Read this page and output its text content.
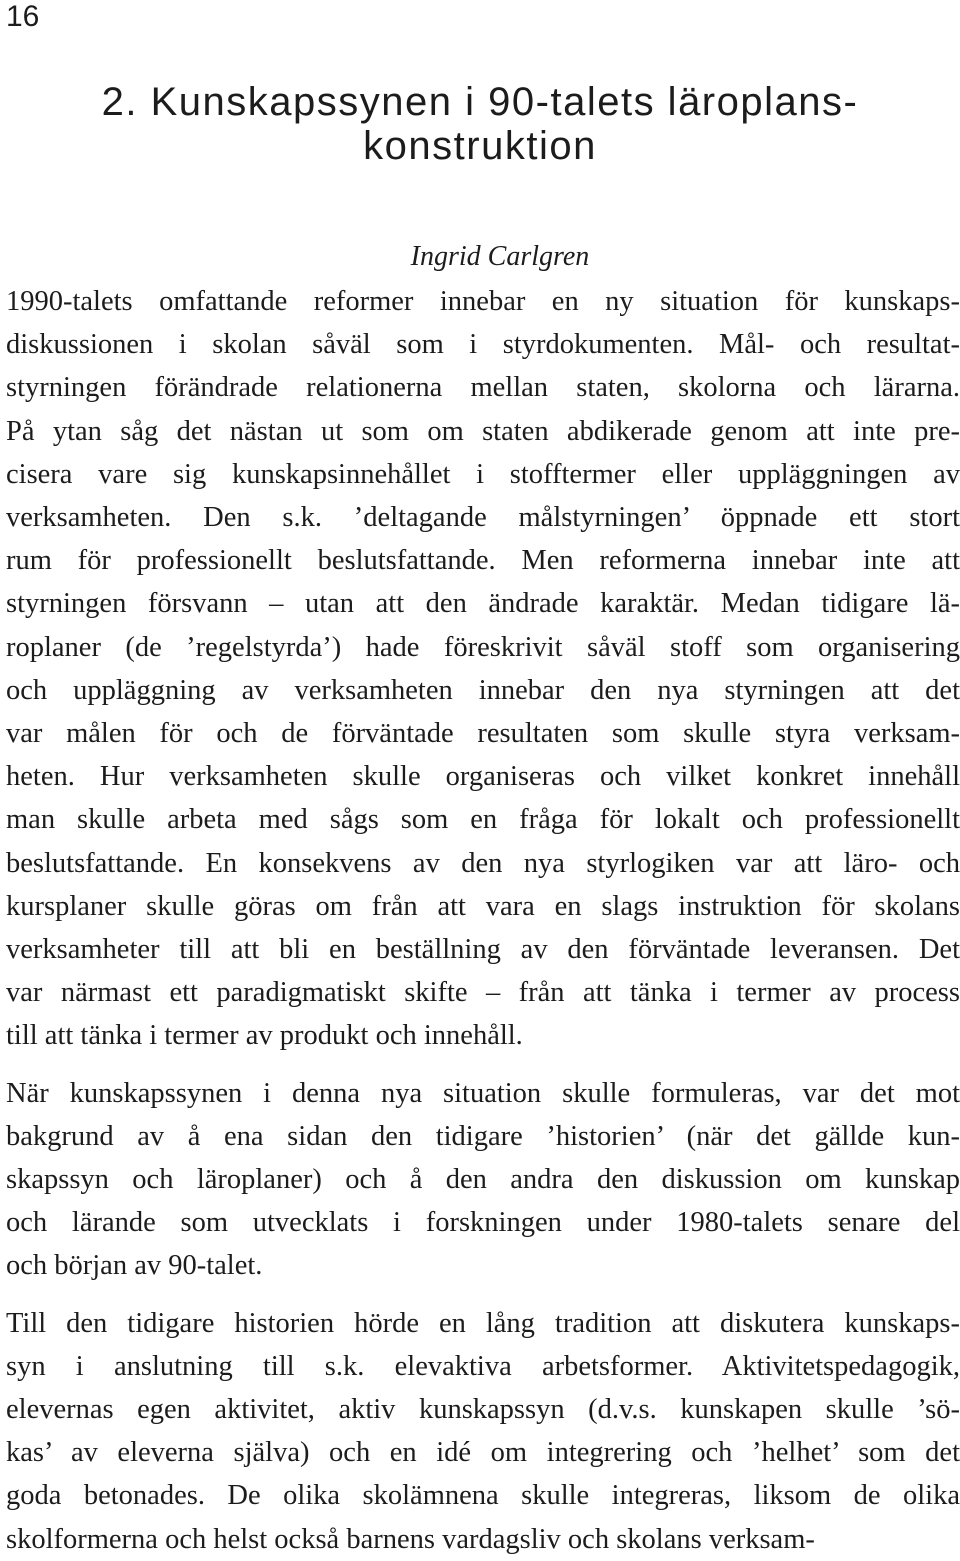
16
2. Kunskapssynen i 90-talets läroplans-
konstruktion
Ingrid Carlgren
1990-talets omfattande reformer innebar en ny situation för kunskaps-
diskussionen i skolan såväl som i styrdokumenten. Mål- och resultat-
styrningen förändrade relationerna mellan staten, skolorna och lärarna.
På ytan såg det nästan ut som om staten abdikerade genom att inte pre-
cisera vare sig kunskapsinnehållet i stofftermer eller uppläggningen av
verksamheten. Den s.k. ’deltagande målstyrningen’ öppnade ett stort
rum för professionellt beslutsfattande. Men reformerna innebar inte att
styrningen försvann – utan att den ändrade karaktär. Medan tidigare lä-
roplaner (de ’regelstyrda’) hade föreskrivit såväl stoff som organisering
och uppläggning av verksamheten innebar den nya styrningen att det
var målen för och de förväntade resultaten som skulle styra verksam-
heten. Hur verksamheten skulle organiseras och vilket konkret innehåll
man skulle arbeta med sågs som en fråga för lokalt och professionellt
beslutsfattande. En konsekvens av den nya styrlogiken var att läro- och
kursplaner skulle göras om från att vara en slags instruktion för skolans
verksamheter till att bli en beställning av den förväntade leveransen. Det
var närmast ett paradigmatiskt skifte – från att tänka i termer av process
till att tänka i termer av produkt och innehåll.
När kunskapssynen i denna nya situation skulle formuleras, var det mot
bakgrund av å ena sidan den tidigare ’historien’ (när det gällde kun-
skapssyn och läroplaner) och å den andra den diskussion om kunskap
och lärande som utvecklats i forskningen under 1980-talets senare del
och början av 90-talet.
Till den tidigare historien hörde en lång tradition att diskutera kunskaps-
syn i anslutning till s.k. elevaktiva arbetsformer. Aktivitetspedagogik,
elevernas egen aktivitet, aktiv kunskapssyn (d.v.s. kunskapen skulle ’sö-
kas’ av eleverna själva) och en idé om integrering och ’helhet’ som det
goda betonades. De olika skolämnena skulle integreras, liksom de olika
skolformerna och helst också barnens vardagsliv och skolans verksam-
